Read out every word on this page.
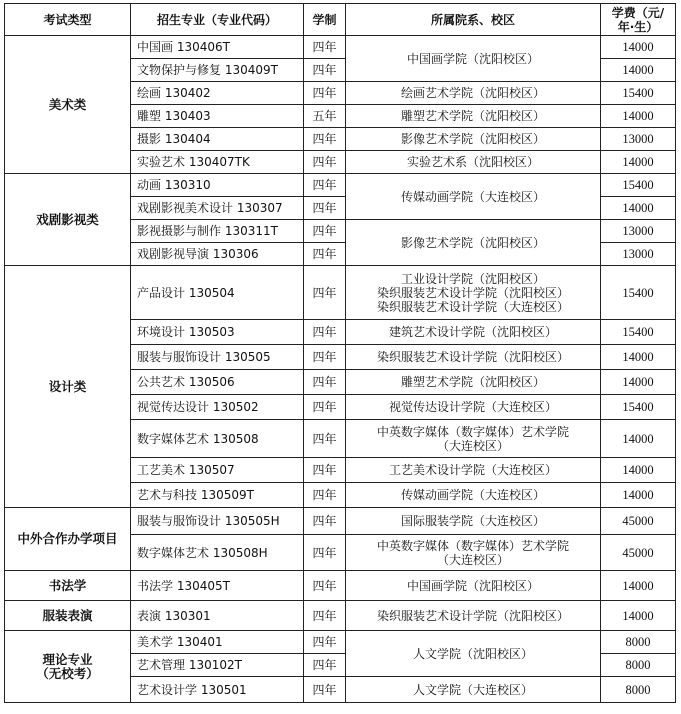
考试类型	招生专业（专业代码）	学制	所属院系、校区	学费（元/
年·生）

美术类	中国画 130406T	四年	中国画学院（沈阳校区）	14000
	文物保护与修复 130409T	四年		14000
	绘画 130402	四年	绘画艺术学院（沈阳校区）	15400
	雕塑 130403	五年	雕塑艺术学院（沈阳校区）	14000
	摄影 130404	四年	影像艺术学院（沈阳校区）	13000
	实验艺术 130407TK	四年	实验艺术系（沈阳校区）	14000
戏剧影视类	动画 130310	四年	传媒动画学院（大连校区）	15400
	戏剧影视美术设计 130307	四年		14000
	影视摄影与制作 130311T	四年	影像艺术学院（沈阳校区）	13000
	戏剧影视导演 130306	四年		13000
设计类	产品设计 130504	四年	工业设计学院（沈阳校区）
染织服装艺术设计学院（沈阳校区）
染织服装艺术设计学院（大连校区）	15400
	环境设计 130503	四年	建筑艺术设计学院（沈阳校区）	15400
	服装与服饰设计 130505	四年	染织服装艺术设计学院（沈阳校区）	14000
	公共艺术 130506	四年	雕塑艺术学院（沈阳校区）	14000
	视觉传达设计 130502	四年	视觉传达设计学院（大连校区）	15400
	数字媒体艺术 130508	四年	中英数字媒体（数字媒体）艺术学院
（大连校区）	14000
	工艺美术 130507	四年	工艺美术设计学院（大连校区）	14000
	艺术与科技 130509T	四年	传媒动画学院（大连校区）	14000
中外合作办学项目	服装与服饰设计 130505H	四年	国际服装学院（大连校区）	45000
	数字媒体艺术 130508H	四年	中英数字媒体（数字媒体）艺术学院
（大连校区）	45000
书法学	书法学 130405T	四年	中国画学院（沈阳校区）	14000
服装表演	表演 130301	四年	染织服装艺术设计学院（沈阳校区）	14000

理论专业
（无校考）	美术学 130401	四年	人文学院（沈阳校区）	8000
	艺术管理 130102T	四年		8000
	艺术设计学 130501	四年	人文学院（大连校区）	8000
